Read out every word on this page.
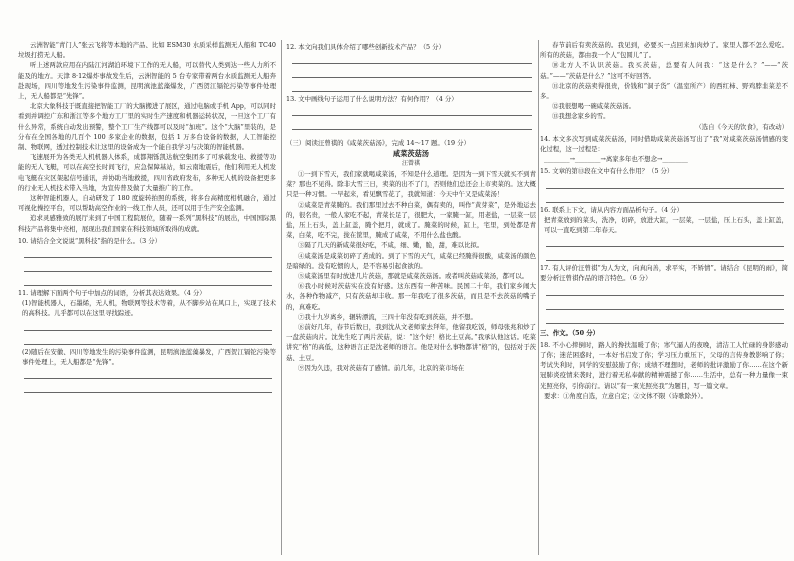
云洲智能“青门人”张云飞将等本地的产品、比如 ESM30 水质采样监测无人船和 TC40 垃圾打捞无人船。

听上述两款应用在内陆江河湖泊环境下工作的无人船，可以替代人类到达一些人力所不能及的地方。天津 8·12爆炸事故发生后，云洲智能的 5 台专家带着两台水质监测无人船奔赴现场，四川等地发生污染事件监测，昆明滇池蓝藻爆发，广西贺江镉铊污染等事件处理上，无人船都是“先锋”。

北京大象科技于既直接把智能工厂的大脑搬进了展区，通过电脑或手机 App，可以同时看到并调控广东和浙江等多个地方工厂里的实时生产速度和机器运转状况，一旦这个工厂有什么异常，系统自动发出预警，整个工厂生产线都可以及时“加班”。这个“大脑”里装的，是分布在全国各地的几百个 100 多家企业的数据，包括 1 万多台设备的数据，人工智能控制、物联网，透过控制技术让这里的设备成为一个能自我学习与决策的智能机器。

飞速展开为各类无人机机器人体系，成都翔铄凯达航空集团多了可承载发电、救援等功能的无人飞艇，可以在高空长时间飞行，应急保障基站，如云南地震后，他们利用无人机发电飞艇在灾区架起信号通讯，并协助当地救援，四川省政府发布，多种无人机的设备把更多的行业无人机技术带入当地，为宣传普及做了大量推广的工作。

这种智能机器人，自动研发了 180 度旋转拍照的系统，将多台高精度相机融合，通过可视化操控平台，可以帮助高空作业的一线工作人员，还可以用于生产安全监测。

追求灵感雅致的展厅来到了中国工程院展位，随着一系列“黑科技”的展出，中国国际黑科技产品将集中亮相，展现出我们国家在科技领域所取得的成就。

10. 请结合全文说说“黑科技”指的是什么。（3 分）

11. 请理解下面两个句子中加点的词语，分析其表达效果。（4 分）

(1)智能机器人，石墨烯，无人机，物联网等技术等着，从不脚步站在风口上，实现了技术的高科技。儿乎都可以在这里寻找踪迹。

(2)随后在安徽、四川等地发生的污染事件监测，昆明滇池蓝藻暴发，广西贺江镉铊污染等事件处理上，无人船都是“先锋”。

12. 本文向我们具体介绍了哪些创新技术产品？（5 分）

13. 文中画线句子运用了什么说明方法？有何作用？（4 分）

（三）阅读汪曾祺的《咸菜茨菇汤》，完成 14～17 题。（19 分）

咸菜茨菇汤

汪曾祺

①一到下雪天，我们家就喝咸菜汤，不知是什么道理。是因为一到下雪天就买不到青菜？那也不见得。除非大雪三日，卖菜的出不了门，否则他们总还会上市卖菜的。这大概只是一种习惯。一早起来，看见飘雪花了，我就知道：今天中午又是咸菜汤！

②咸菜是青菜腌的。我们那里过去不种白菜，偶有卖的，叫作“黄芽菜”，是外地运去的，很名贵，一般人家吃不起，青菜长足了，很肥大，一家腌一缸，用老盐，一层菜一层盐，压上石头，盖上缸盖，腌个把月，就成了。腌菜的时候，缸上，宅里，到处都是青菜，白菜，吃不完，拢在筐里，腌成了咸菜，不用什么盐也酸。

③隔了几天的新咸菜很好吃，不咸，细、嫩，脆，甜，难以比拟。

④咸菜汤是咸菜切碎了煮成的。到了下雪的天气，咸菜已经腌得很酸，咸菜汤的颜色是暗绿的。没有吃惯的人，是不容易引起食欲的。

⑤咸菜汤里有时放进几片茨菇，那就是咸菜茨菇汤。或者叫茨菇咸菜汤，都可以。

⑥我小时候对茨菇实在没有好感。这东西有一种苦味。民国二十年，我们家乡闹大水，各种作物减产，只有茨菇却丰收。那一年我吃了很多茨菇，而且是不去茨菇的嘴子的，真难吃。

⑦我十九岁离乡，辗转漂流，三四十年没有吃到茨菇，并不想。

⑧前好几年，春节后数日，我到沈从文老师家去拜年，他留我吃饭，师母张兆和炒了一盘茨菇肉片。沈先生吃了两片茨菇，说：“这个好！格比土豆高。”我承认他这话。吃菜讲究“格”的高低，这种语言正是沈老师的语言。他是对什么事物都讲“格”的，包括对于茨菇、土豆。

⑨因为久违，我对茨菇有了感情。前几年，北京的菜市场在

春节前后有卖茨菇的。我见到，必要买一点回来加肉炒了。家里人都不怎么爱吃。所有的茨菇，都由我一个人“包圆儿”了。

⑩北方人不认识茨菇。我买茨菇，总要有人问我：“这是什么？”——“茨菇。”——“茨菇是什么？”这可不好回答。

⑪北京的茨菇卖得很贵，价钱和“洞子货”（温室所产）的西红柿、野鸡脖韭菜差不多。

⑫我很想喝一碗咸菜茨菇汤。

⑬我想念家乡的雪。

（选自《今天的饮食》，有改动）

14. 本文多次写到咸菜茨菇汤，同时借助咸菜茨菇汤写出了“我”对咸菜茨菇汤情感的变化过程，这一过程是：

________→________→离家多年也不想念→________

15. 文章的第⑬段在文中有什么作用？（5 分）

16. 联系上下文，请从内容方面品析句子。（4 分）

把青菜放到的菜头，洗净，切碎，放进大缸，一层菜，一层盐，压上石头，盖上缸盖，可以一直吃到第二年春天。

17. 有人评价汪曾祺“为人为文，向真向善，求平实，不矫情”。请结合《昆明的雨》，简要分析汪曾祺作品的语言特色。（6 分）

三、作文。（50 分）

18. 不小心摔倒时，路人的搀扶温暖了你；寒气逼人的夜晚，清洁工人忙碌的身影感动了你；迷茫困惑时，一本好书启发了你；学习压力重压下，父母的言传身教影响了你；考试失利时，同学的安慰鼓励了你；成绩不理想时，老师的批评激励了你……在这个新冠肺炎疫情来袭时，进行着无私奉献的精神震撼了你……生活中，总有一种力量像一束光照亮你，引你前行。请以“有一束光照亮我”为题目，写一篇文章。

要求：①角度自选，立意自定；②文体不限（诗歌除外）。
